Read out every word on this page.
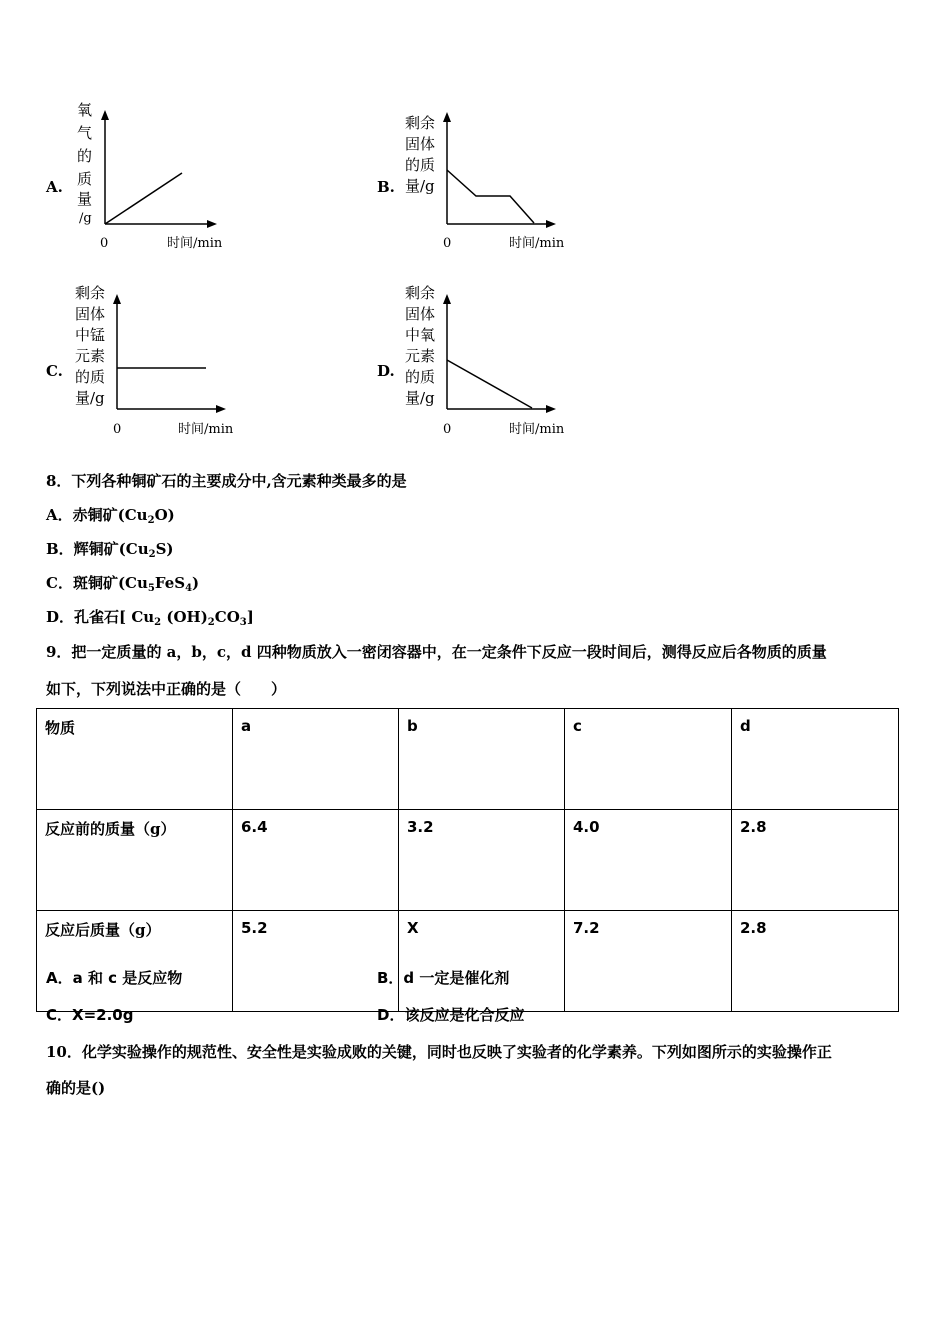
A.
氧
气
的
质
量
/g
0	时间/min
B.
剩余
固体
的质
量/g
0	时间/min
C.
剩余
固体
中锰
元素
的质
量/g
0	时间/min
D.
剩余
固体
中氧
元素
的质
量/g
0	时间/min
8．下列各种铜矿石的主要成分中,含元素种类最多的是
A．赤铜矿$(Cu_2O)$
B．辉铜矿$(Cu_2S)$
C．斑铜矿$(Cu_5FeS_4)$
D．孔雀石[ $Cu_2$ $(OH)_2CO_3$]
9．把一定质量的 a，b，c，d 四种物质放入一密闭容器中，在一定条件下反应一段时间后，测得反应后各物质的质量
如下，下列说法中正确的是（　　）
物质	a	b	c	d
反应前的质量（g）	6.4	3.2	4.0	2.8
反应后质量（g）	5.2	X	7.2	2.8
A．a 和 c 是反应物	B．d 一定是催化剂
C．X=2.0g	D．该反应是化合反应
10．化学实验操作的规范性、安全性是实验成败的关键，同时也反映了实验者的化学素养。下列如图所示的实验操作正
确的是()
